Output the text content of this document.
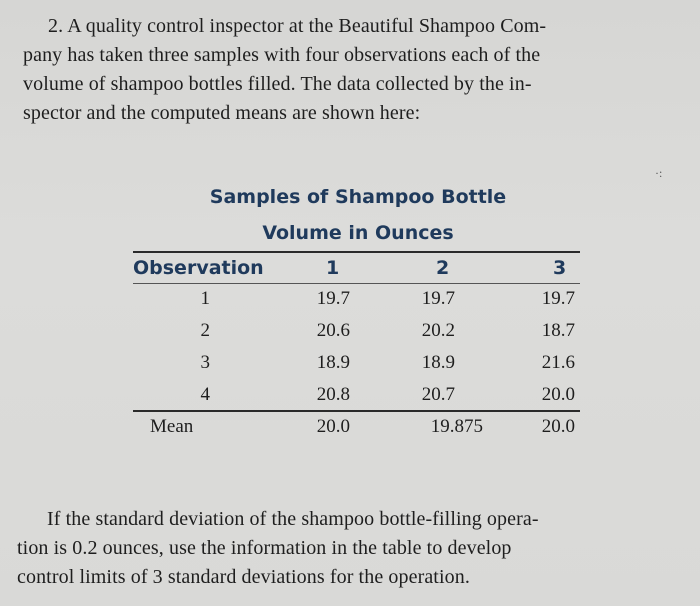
2. A quality control inspector at the Beautiful Shampoo Com-
pany has taken three samples with four observations each of the
volume of shampoo bottles filled. The data collected by the in-
spector and the computed means are shown here:
·:
Samples of Shampoo Bottle
Volume in Ounces
Observation	1	2	3
1	19.7	19.7	19.7
2	20.6	20.2	18.7
3	18.9	18.9	21.6
4	20.8	20.7	20.0
Mean	20.0	19.875	20.0
If the standard deviation of the shampoo bottle-filling opera-
tion is 0.2 ounces, use the information in the table to develop
control limits of 3 standard deviations for the operation.
